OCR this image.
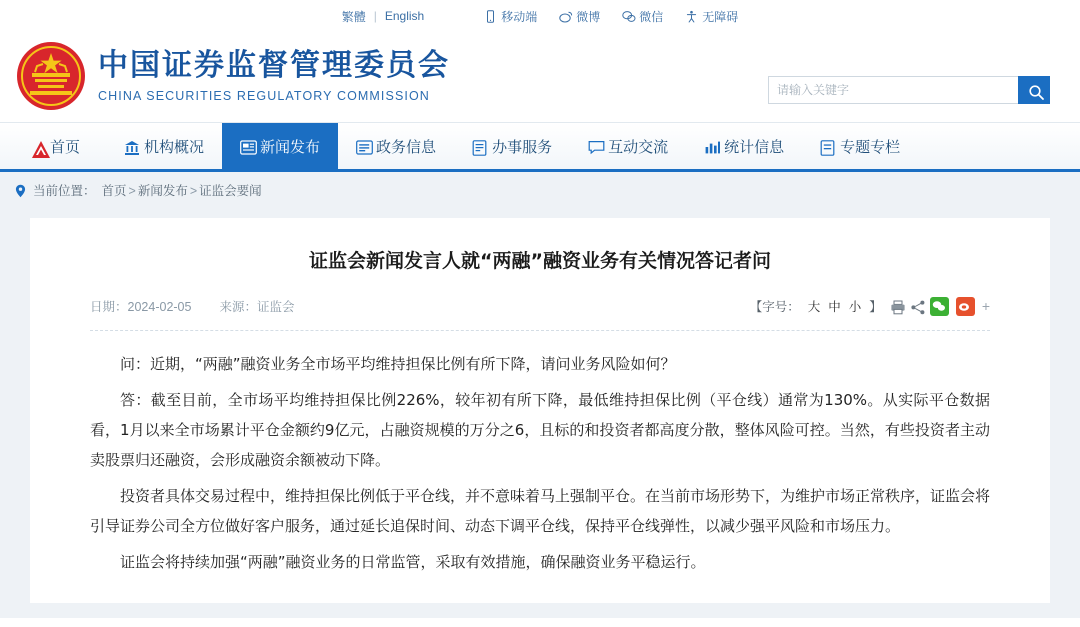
繁體 | English	移动端	微博	微信	无障碍
中国证券监督管理委员会
CHINA SECURITIES REGULATORY COMMISSION
请输入关键字
首页	机构概况	新闻发布	政务信息	办事服务	互动交流	统计信息	专题专栏
当前位置： 首页 > 新闻发布 > 证监会要闻
证监会新闻发言人就“两融”融资业务有关情况答记者问
日期：2024-02-05 来源：证监会	【字号： 大 中 小 】	+

问：近期，“两融”融资业务全市场平均维持担保比例有所下降，请问业务风险如何？

答：截至目前，全市场平均维持担保比例226%，较年初有所下降，最低维持担保比例（平仓线）通常为130%。从实际平仓数据看，1月以来全市场累计平仓金额约9亿元，占融资规模的万分之6，且标的和投资者都高度分散，整体风险可控。当然，有些投资者主动卖股票归还融资，会形成融资余额被动下降。

投资者具体交易过程中，维持担保比例低于平仓线，并不意味着马上强制平仓。在当前市场形势下，为维护市场正常秩序，证监会将引导证券公司全方位做好客户服务，通过延长追保时间、动态下调平仓线，保持平仓线弹性，以减少强平风险和市场压力。

证监会将持续加强“两融”融资业务的日常监管，采取有效措施，确保融资业务平稳运行。
